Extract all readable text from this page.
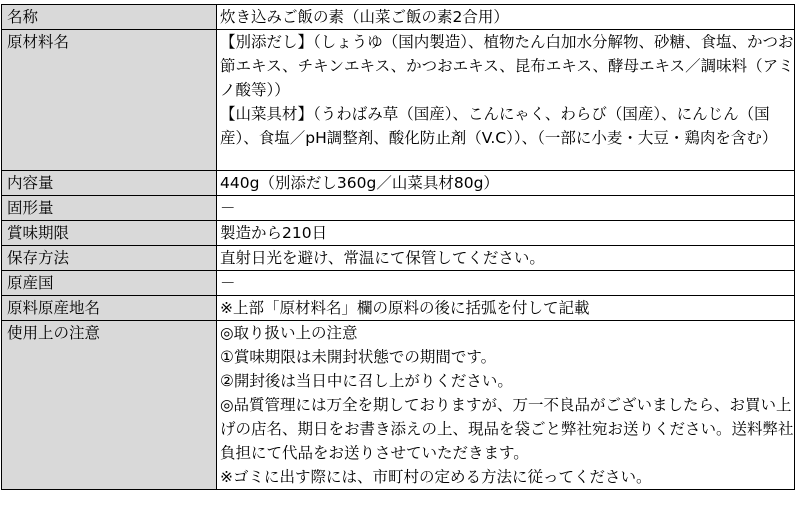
名称	炊き込みご飯の素（山菜ご飯の素2合用）
原材料名	【別添だし】（しょうゆ（国内製造）、植物たん白加水分解物、砂糖、食塩、かつお節エキス、チキンエキス、かつおエキス、昆布エキス、酵母エキス／調味料（アミノ酸等））
【山菜具材】（うわばみ草（国産）、こんにゃく、わらび（国産）、にんじん（国産）、食塩／pH調整剤、酸化防止剤（V.C））、（一部に小麦・大豆・鶏肉を含む）
内容量	440g（別添だし360g／山菜具材80g）
固形量	－
賞味期限	製造から210日
保存方法	直射日光を避け、常温にて保管してください。
原産国	－
原料原産地名	※上部「原材料名」欄の原料の後に括弧を付して記載
使用上の注意	◎取り扱い上の注意
①賞味期限は未開封状態での期間です。
②開封後は当日中に召し上がりください。
◎品質管理には万全を期しておりますが、万一不良品がございましたら、お買い上げの店名、期日をお書き添えの上、現品を袋ごと弊社宛お送りください。送料弊社負担にて代品をお送りさせていただきます。
※ゴミに出す際には、市町村の定める方法に従ってください。
